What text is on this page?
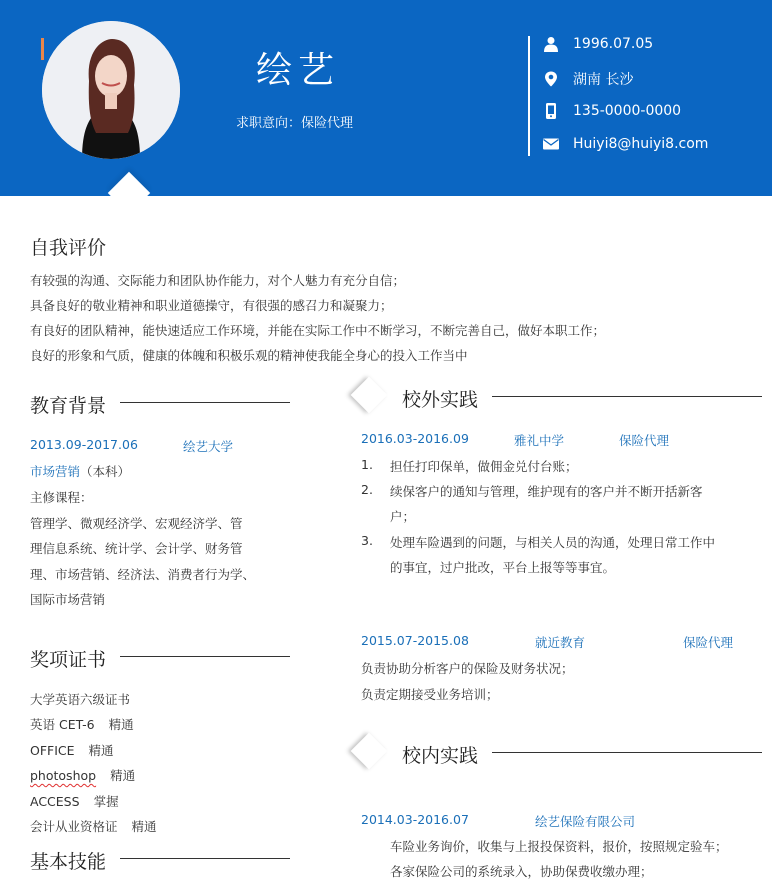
绘艺
求职意向：保险代理
1996.07.05
湖南 长沙
135-0000-0000
Huiyi8@huiyi8.com
自我评价
有较强的沟通、交际能力和团队协作能力，对个人魅力有充分自信；
具备良好的敬业精神和职业道德操守，有很强的感召力和凝聚力；
有良好的团队精神，能快速适应工作环境，并能在实际工作中不断学习，不断完善自己，做好本职工作；
良好的形象和气质，健康的体魄和积极乐观的精神使我能全身心的投入工作当中
教育背景
2013.09-2017.06	绘艺大学
市场营销（本科）
主修课程：
管理学、微观经济学、宏观经济学、管
理信息系统、统计学、会计学、财务管
理、市场营销、经济法、消费者行为学、
国际市场营销
奖项证书
大学英语六级证书
英语 CET-6 精通
OFFICE 精通
photoshop 精通
ACCESS 掌握
会计从业资格证 精通
基本技能
校外实践
2016.03-2016.09	雅礼中学	保险代理
1. 担任打印保单，做佣金兑付台账；
2. 续保客户的通知与管理，维护现有的客户并不断开括新客
户；
3. 处理车险遇到的问题，与相关人员的沟通，处理日常工作中
的事宜，过户批改，平台上报等等事宜。
2015.07-2015.08	就近教育	保险代理
负责协助分析客户的保险及财务状况；
负责定期接受业务培训；
校内实践
2014.03-2016.07	绘艺保险有限公司
车险业务询价，收集与上报投保资料，报价，按照规定验车；
各家保险公司的系统录入，协助保费收缴办理；
